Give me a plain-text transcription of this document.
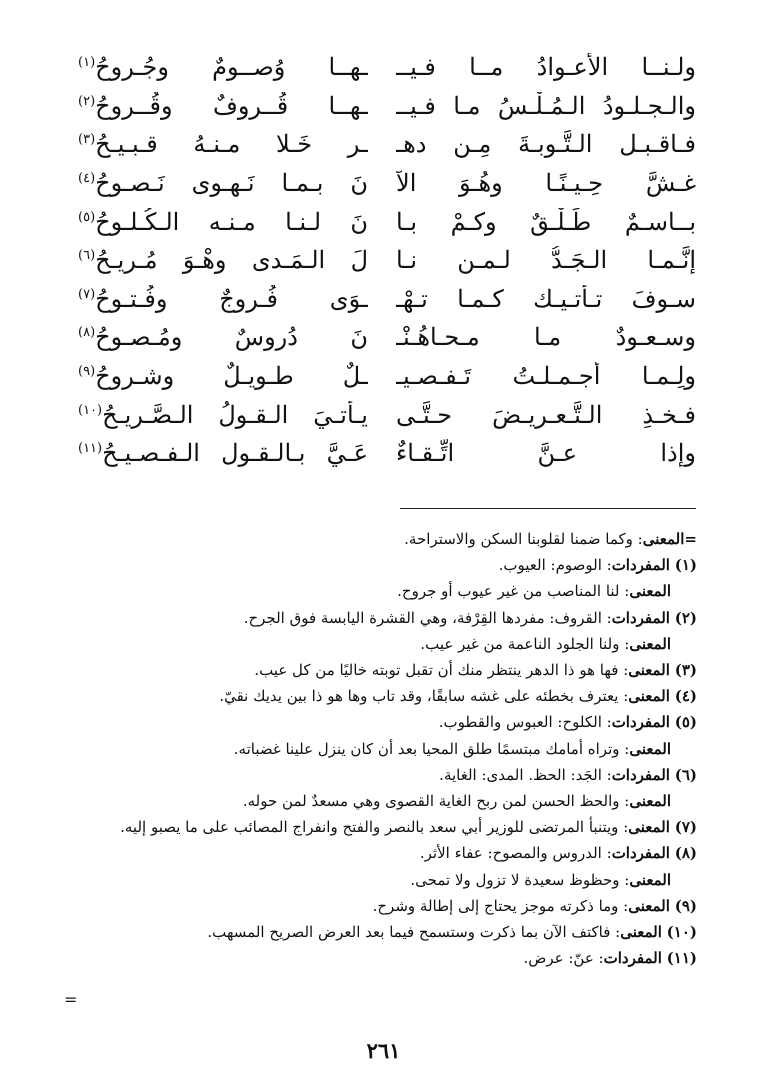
ولـنــا
الأعـوادُ
مــا
فـيــ
ـهــا
وُصــومٌ
وجُـروحُ$^{(١)}$
والـجـلـودُ
الـمُـلْـسُ
مـا
فـيــ
ـهــا
قُــروفٌ
وقُــروحُ$^{(٢)}$
فـاقـبـلِ
الـتَّـوبـةَ
مِـن
دهـ
ـرٍ
خَـلا
مـنـهُ
قـبـيـحُ$^{(٣)}$
غـشَّ
حِـيـنًـا
وهُـوَ
الآ
نَ
بـمـا
نَـهـوى
نَـصـوحُ$^{(٤)}$
بــاسـمٌ
طَـلْـقٌ
وكـمْ
بـا
نَ
لـنـا
مـنـه
الـكُـلـوحُ$^{(٥)}$
إنَّـمـا
الـجَـدُّ
لـمـن
نـا
لَ
الـمَـدى
وهْـوَ
مُـريـحُ$^{(٦)}$
سـوفَ
تـأتـيـك
كـمـا
تـهْـ
ـوَى
فُـروجٌ
وفُـتـوحُ$^{(٧)}$
وسـعـودٌ
مـا
مـحـاهُـنْـ
نَ
دُروسٌ
ومُـصـوحُ$^{(٨)}$
ولِـمـا
أجـمـلـتُ
تَـفـصـيـ
ـلٌ
طـويـلٌ
وشـروحُ$^{(٩)}$
فـخـذِ
الـتَّـعـريـضَ
حـتَّـى
يـأتـيَ
الـقـولُ
الـصَّـريـحُ$^{(١٠)}$
وإذا
عـنَّ
اتِّـقـاءٌ
عَـيَّ
بـالـقـولِ
الـفـصـيـحُ$^{(١١)}$
=المعنى: وكما ضمنا لقلوبنا السكن والاستراحة.
(١) المفردات: الوصوم: العيوب.
المعنى: لنا المناصب من غير عيوب أو جروح.
(٢) المفردات: القروف: مفردها القِرْفة، وهي القشرة اليابسة فوق الجرح.
المعنى: ولنا الجلود الناعمة من غير عيب.
(٣) المعنى: فها هو ذا الدهر ينتظر منك أن تقبل توبته خاليًا من كل عيب.
(٤) المعنى: يعترف بخطئه على غشه سابقًا، وقد تاب وها هو ذا بين يديك نقيّ.
(٥) المفردات: الكلوح: العبوس والقطوب.
المعنى: وتراه أمامك مبتسمًا طلق المحيا بعد أن كان ينزل علينا غضباته.
(٦) المفردات: الجَد: الحظ. المدى: الغاية.
المعنى: والحظ الحسن لمن ربح الغاية القصوى وهي مسعدٌ لمن حوله.
(٧) المعنى: ويتنبأ المرتضى للوزير أبي سعد بالنصر والفتح وانفراج المصائب على ما يصبو إليه.
(٨) المفردات: الدروس والمصوح: عفاء الأثر.
المعنى: وحظوظ سعيدة لا تزول ولا تمحى.
(٩) المعنى: وما ذكرته موجز يحتاج إلى إطالة وشرح.
(١٠) المعنى: فاكتف الآن بما ذكرت وستسمح فيما بعد العرض الصريح المسهب.
(١١) المفردات: عنّ: عرض.
=
٢٦١
